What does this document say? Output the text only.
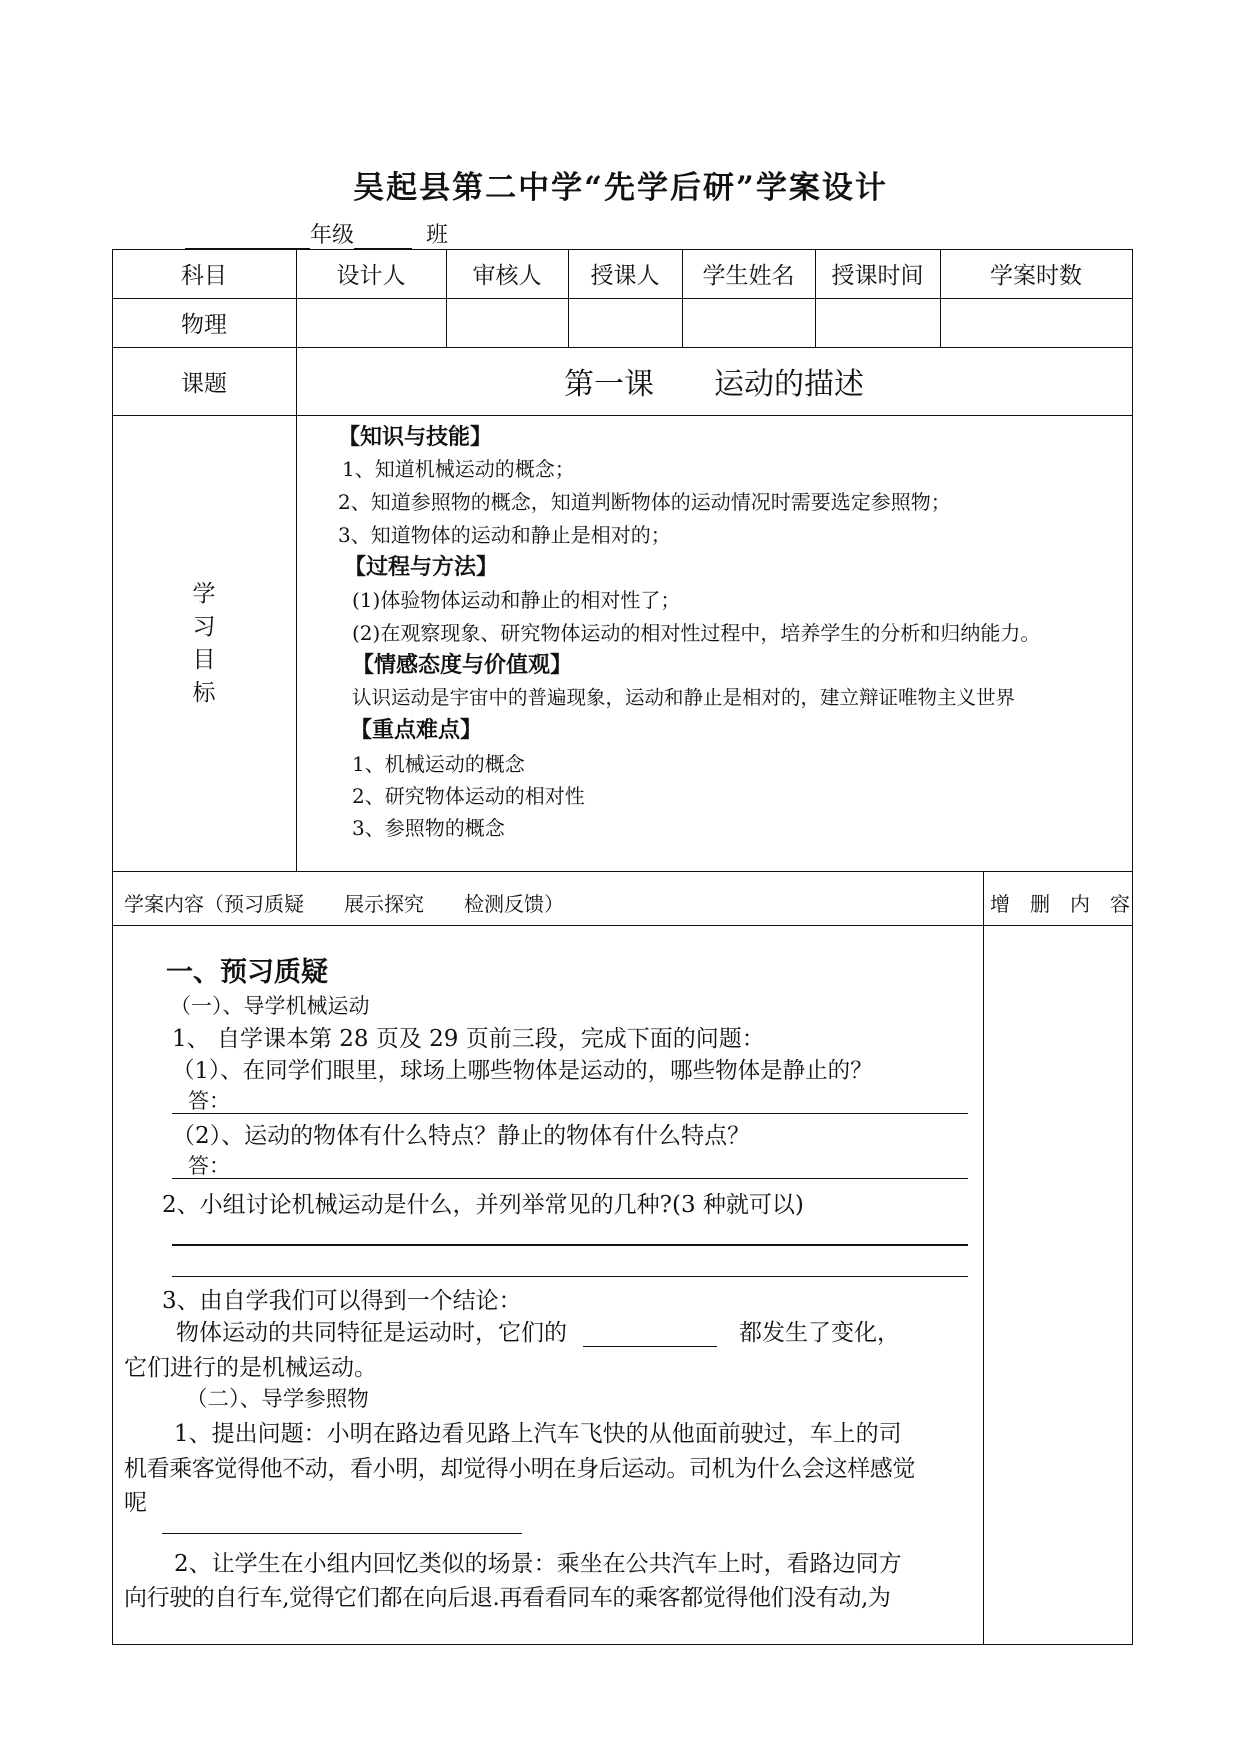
吴起县第二中学“先学后研”学案设计
年级	班
科目	设计人	审核人	授课人	学生姓名	授课时间	学案时数
物理
课题	第一课　　运动的描述
学
习
目
标
【知识与技能】
1、知道机械运动的概念；
2、知道参照物的概念，知道判断物体的运动情况时需要选定参照物；
3、知道物体的运动和静止是相对的；
【过程与方法】
(1)体验物体运动和静止的相对性了；
(2)在观察现象、研究物体运动的相对性过程中，培养学生的分析和归纳能力。
【情感态度与价值观】
认识运动是宇宙中的普遍现象，运动和静止是相对的，建立辩证唯物主义世界
【重点难点】
1、机械运动的概念
2、研究物体运动的相对性
3、参照物的概念
学案内容（预习质疑　　展示探究　　检测反馈）	增　删　内　容
一、预习质疑
（一）、导学机械运动
1、 自学课本第 28 页及 29 页前三段，完成下面的问题：
（1）、在同学们眼里，球场上哪些物体是运动的，哪些物体是静止的？
答：
（2）、运动的物体有什么特点？静止的物体有什么特点？
答：
2、小组讨论机械运动是什么，并列举常见的几种?(3 种就可以)
3、由自学我们可以得到一个结论：
物体运动的共同特征是运动时，它们的	都发生了变化，
它们进行的是机械运动。
（二）、导学参照物
1、提出问题：小明在路边看见路上汽车飞快的从他面前驶过，车上的司
机看乘客觉得他不动，看小明，却觉得小明在身后运动。司机为什么会这样感觉
呢
2、让学生在小组内回忆类似的场景：乘坐在公共汽车上时，看路边同方
向行驶的自行车,觉得它们都在向后退.再看看同车的乘客都觉得他们没有动,为
